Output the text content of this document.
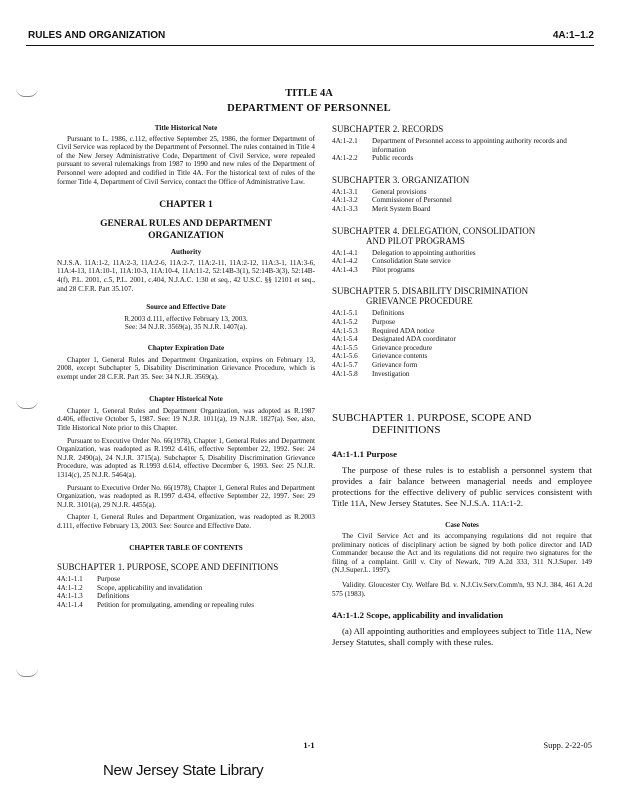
RULES AND ORGANIZATION	4A:1–1.2
TITLE 4A
DEPARTMENT OF PERSONNEL
Title Historical Note
Pursuant to L. 1986, c.112, effective September 25, 1986, the former Department of Civil Service was replaced by the Department of Personnel. The rules contained in Title 4 of the New Jersey Administrative Code, Department of Civil Service, were repealed pursuant to several rulemakings from 1987 to 1990 and new rules of the Department of Personnel were adopted and codified in Title 4A. For the historical text of rules of the former Title 4, Department of Civil Service, contact the Office of Administrative Law.
CHAPTER 1
GENERAL RULES AND DEPARTMENT ORGANIZATION
Authority
N.J.S.A. 11A:1-2, 11A:2-3, 11A:2-6, 11A:2-7, 11A:2-11, 11A:2-12, 11A:3-1, 11A:3-6, 11A:4-13, 11A:10-1, 11A:10-3, 11A:10-4, 11A:11-2, 52:14B-3(1), 52:14B-3(3), 52:14B-4(f), P.L. 2001, c.5, P.L. 2001, c.404, N.J.A.C. 1:30 et seq., 42 U.S.C. §§ 12101 et seq., and 28 C.F.R. Part 35.107.
Source and Effective Date
R.2003 d.111, effective February 13, 2003.
See: 34 N.J.R. 3569(a), 35 N.J.R. 1407(a).
Chapter Expiration Date
Chapter 1, General Rules and Department Organization, expires on February 13, 2008, except Subchapter 5, Disability Discrimination Grievance Procedure, which is exempt under 28 C.F.R. Part 35. See: 34 N.J.R. 3569(a).
Chapter Historical Note
Chapter 1, General Rules and Department Organization, was adopted as R.1987 d.406, effective October 5, 1987. See: 19 N.J.R. 1011(a), 19 N.J.R. 1827(a). See, also, Title Historical Note prior to this Chapter.
Pursuant to Executive Order No. 66(1978), Chapter 1, General Rules and Department Organization, was readopted as R.1992 d.416, effective September 22, 1992. See: 24 N.J.R. 2490(a), 24 N.J.R. 3715(a). Subchapter 5, Disability Discrimination Grievance Procedure, was adopted as R.1993 d.614, effective December 6, 1993. See: 25 N.J.R. 1314(c), 25 N.J.R. 5464(a).
Pursuant to Executive Order No. 66(1978), Chapter 1, General Rules and Department Organization, was readopted as R.1997 d.434, effective September 22, 1997. See: 29 N.J.R. 3101(a), 29 N.J.R. 4455(a).
Chapter 1, General Rules and Department Organization, was readopted as R.2003 d.111, effective February 13, 2003. See: Source and Effective Date.
CHAPTER TABLE OF CONTENTS
SUBCHAPTER 1. PURPOSE, SCOPE AND DEFINITIONS
4A:1-1.1 Purpose
4A:1-1.2 Scope, applicability and invalidation
4A:1-1.3 Definitions
4A:1-1.4 Petition for promulgating, amending or repealing rules
SUBCHAPTER 2. RECORDS
4A:1-2.1 Department of Personnel access to appointing authority records and information
4A:1-2.2 Public records
SUBCHAPTER 3. ORGANIZATION
4A:1-3.1 General provisions
4A:1-3.2 Commissioner of Personnel
4A:1-3.3 Merit System Board
SUBCHAPTER 4. DELEGATION, CONSOLIDATION
AND PILOT PROGRAMS
4A:1-4.1 Delegation to appointing authorities
4A:1-4.2 Consolidation State service
4A:1-4.3 Pilot programs
SUBCHAPTER 5. DISABILITY DISCRIMINATION
GRIEVANCE PROCEDURE
4A:1-5.1 Definitions
4A:1-5.2 Purpose
4A:1-5.3 Required ADA notice
4A:1-5.4 Designated ADA coordinator
4A:1-5.5 Grievance procedure
4A:1-5.6 Grievance contents
4A:1-5.7 Grievance form
4A:1-5.8 Investigation
SUBCHAPTER 1. PURPOSE, SCOPE AND
DEFINITIONS
4A:1-1.1 Purpose
The purpose of these rules is to establish a personnel system that provides a fair balance between managerial needs and employee protections for the effective delivery of public services consistent with Title 11A, New Jersey Statutes. See N.J.S.A. 11A:1-2.
Case Notes
The Civil Service Act and its accompanying regulations did not require that preliminary notices of disciplinary action be signed by both police director and IAD Commander because the Act and its regulations did not require two signatures for the filing of a complaint. Grill v. City of Newark, 709 A.2d 333, 311 N.J.Super. 149 (N.J.Super.L. 1997).
Validity. Gloucester Cty. Welfare Bd. v. N.J.Civ.Serv.Comm'n, 93 N.J. 384, 461 A.2d 575 (1983).
4A:1-1.2 Scope, applicability and invalidation
(a) All appointing authorities and employees subject to Title 11A, New Jersey Statutes, shall comply with these rules.
1-1	Supp. 2-22-05
New Jersey State Library
